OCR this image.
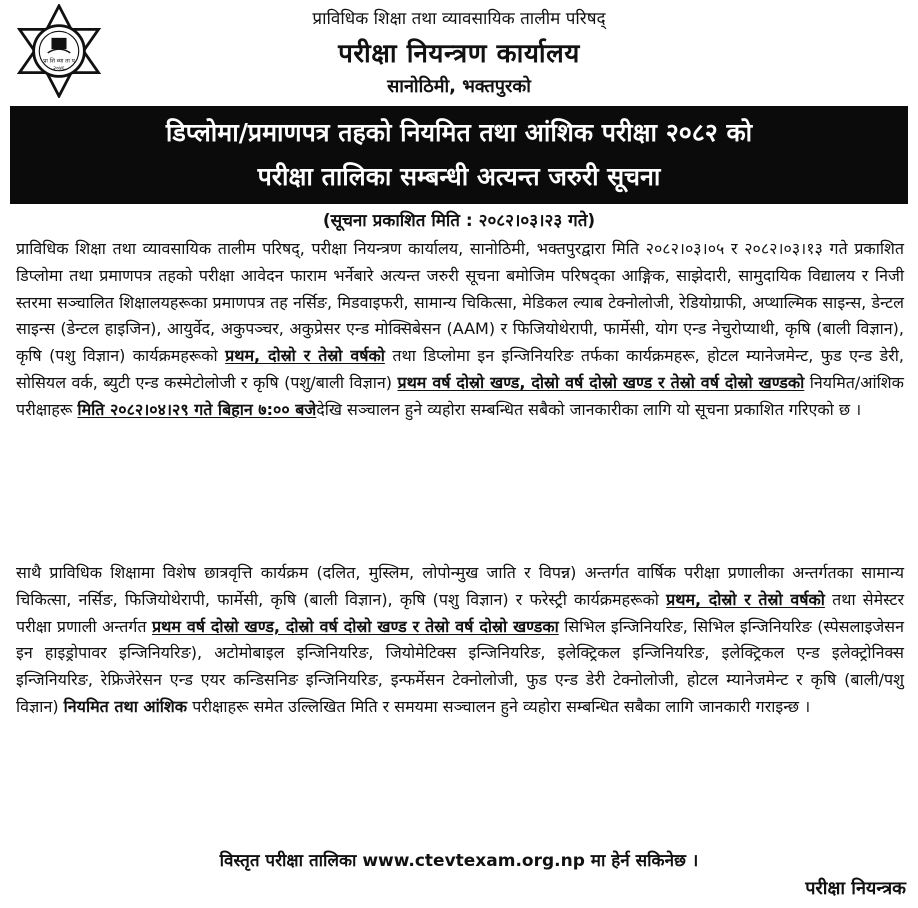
प्रा शि व्या ता प
२०४६
प्राविधिक शिक्षा तथा व्यावसायिक तालीम परिषद्
परीक्षा नियन्त्रण कार्यालय
सानोठिमी, भक्तपुरको
डिप्लोमा/प्रमाणपत्र तहको नियमित तथा आंशिक परीक्षा २०८२ को
परीक्षा तालिका सम्बन्धी अत्यन्त जरुरी सूचना
(सूचना प्रकाशित मिति : २०८२।०३।२३ गते)
प्राविधिक शिक्षा तथा व्यावसायिक तालीम परिषद्, परीक्षा नियन्त्रण कार्यालय, सानोठिमी, भक्तपुरद्वारा मिति २०८२।०३।०५ र २०८२।०३।१३ गते प्रकाशित डिप्लोमा तथा प्रमाणपत्र तहको परीक्षा आवेदन फाराम भर्नेबारे अत्यन्त जरुरी सूचना बमोजिम परिषद्का आङ्गिक, साझेदारी, सामुदायिक विद्यालय र निजी स्तरमा सञ्चालित शिक्षालयहरूका प्रमाणपत्र तह नर्सिङ, मिडवाइफरी, सामान्य चिकित्सा, मेडिकल ल्याब टेक्नोलोजी, रेडियोग्राफी, अप्थाल्मिक साइन्स, डेन्टल साइन्स (डेन्टल हाइजिन), आयुर्वेद, अकुपञ्चर, अकुप्रेसर एन्ड मोक्सिबेसन (AAM) र फिजियोथेरापी, फार्मेसी, योग एन्ड नेचुरोप्याथी, कृषि (बाली विज्ञान), कृषि (पशु विज्ञान) कार्यक्रमहरूको प्रथम, दोस्रो र तेस्रो वर्षको तथा डिप्लोमा इन इन्जिनियरिङ तर्फका कार्यक्रमहरू, होटल म्यानेजमेन्ट, फुड एन्ड डेरी, सोसियल वर्क, ब्युटी एन्ड कस्मेटोलोजी र कृषि (पशु/बाली विज्ञान) प्रथम वर्ष दोस्रो खण्ड, दोस्रो वर्ष दोस्रो खण्ड र तेस्रो वर्ष दोस्रो खण्डको नियमित/आंशिक परीक्षाहरू मिति २०८२।०४।२९ गते बिहान ७:०० बजेदेखि सञ्चालन हुने व्यहोरा सम्बन्धित सबैको जानकारीका लागि यो सूचना प्रकाशित गरिएको छ ।
साथै प्राविधिक शिक्षामा विशेष छात्रवृत्ति कार्यक्रम (दलित, मुस्लिम, लोपोन्मुख जाति र विपन्न) अन्तर्गत वार्षिक परीक्षा प्रणालीका अन्तर्गतका सामान्य चिकित्सा, नर्सिङ, फिजियोथेरापी, फार्मेसी, कृषि (बाली विज्ञान), कृषि (पशु विज्ञान) र फरेस्ट्री कार्यक्रमहरूको प्रथम, दोस्रो र तेस्रो वर्षको तथा सेमेस्टर परीक्षा प्रणाली अन्तर्गत प्रथम वर्ष दोस्रो खण्ड, दोस्रो वर्ष दोस्रो खण्ड र तेस्रो वर्ष दोस्रो खण्डका सिभिल इन्जिनियरिङ, सिभिल इन्जिनियरिङ (स्पेसलाइजेसन इन हाइड्रोपावर इन्जिनियरिङ), अटोमोबाइल इन्जिनियरिङ, जियोमेटिक्स इन्जिनियरिङ, इलेक्ट्रिकल इन्जिनियरिङ, इलेक्ट्रिकल एन्ड इलेक्ट्रोनिक्स इन्जिनियरिङ, रेफ्रिजेरेसन एन्ड एयर कन्डिसनिङ इन्जिनियरिङ, इन्फर्मेसन टेक्नोलोजी, फुड एन्ड डेरी टेक्नोलोजी, होटल म्यानेजमेन्ट र कृषि (बाली/पशु विज्ञान) नियमित तथा आंशिक परीक्षाहरू समेत उल्लिखित मिति र समयमा सञ्चालन हुने व्यहोरा सम्बन्धित सबैका लागि जानकारी गराइन्छ ।
विस्तृत परीक्षा तालिका www.ctevtexam.org.np मा हेर्न सकिनेछ ।
परीक्षा नियन्त्रक
